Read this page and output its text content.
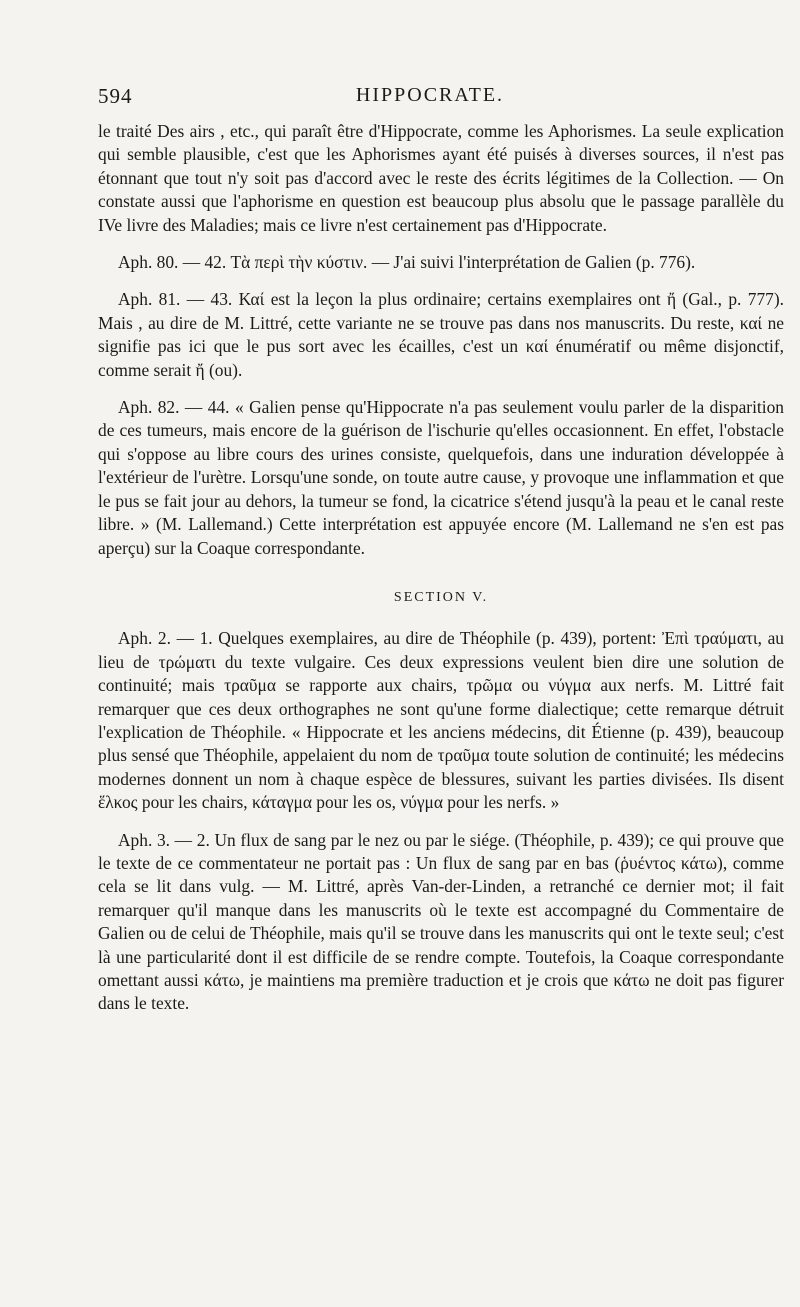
594	HIPPOCRATE.

le traité Des airs , etc., qui paraît être d'Hippocrate, comme les Aphorismes. La seule explication qui semble plausible, c'est que les Aphorismes ayant été puisés à diverses sources, il n'est pas étonnant que tout n'y soit pas d'accord avec le reste des écrits légitimes de la Collection. — On constate aussi que l'aphorisme en question est beaucoup plus absolu que le passage parallèle du IVe livre des Maladies; mais ce livre n'est certainement pas d'Hippocrate.

Aph. 80. — 42. Τὰ περὶ τὴν κύστιν. — J'ai suivi l'interprétation de Galien (p. 776).

Aph. 81. — 43. Καί est la leçon la plus ordinaire; certains exemplaires ont ἤ (Gal., p. 777). Mais , au dire de M. Littré, cette variante ne se trouve pas dans nos manuscrits. Du reste, καί ne signifie pas ici que le pus sort avec les écailles, c'est un καί énumératif ou même disjonctif, comme serait ἤ (ou).

Aph. 82. — 44. « Galien pense qu'Hippocrate n'a pas seulement voulu parler de la disparition de ces tumeurs, mais encore de la guérison de l'ischurie qu'elles occasionnent. En effet, l'obstacle qui s'oppose au libre cours des urines consiste, quelquefois, dans une induration développée à l'extérieur de l'urètre. Lorsqu'une sonde, on toute autre cause, y provoque une inflammation et que le pus se fait jour au dehors, la tumeur se fond, la cicatrice s'étend jusqu'à la peau et le canal reste libre. » (M. Lallemand.) Cette interprétation est appuyée encore (M. Lallemand ne s'en est pas aperçu) sur la Coaque correspondante.

SECTION V.

Aph. 2. — 1. Quelques exemplaires, au dire de Théophile (p. 439), portent: Ἐπὶ τραύματι, au lieu de τρώματι du texte vulgaire. Ces deux expressions veulent bien dire une solution de continuité; mais τραῦμα se rapporte aux chairs, τρῶμα ou νύγμα aux nerfs. M. Littré fait remarquer que ces deux orthographes ne sont qu'une forme dialectique; cette remarque détruit l'explication de Théophile. « Hippocrate et les anciens médecins, dit Étienne (p. 439), beaucoup plus sensé que Théophile, appelaient du nom de τραῦμα toute solution de continuité; les médecins modernes donnent un nom à chaque espèce de blessures, suivant les parties divisées. Ils disent ἕλκος pour les chairs, κάταγμα pour les os, νύγμα pour les nerfs. »

Aph. 3. — 2. Un flux de sang par le nez ou par le siége. (Théophile, p. 439); ce qui prouve que le texte de ce commentateur ne portait pas : Un flux de sang par en bas (ῥυέντος κάτω), comme cela se lit dans vulg. — M. Littré, après Van-der-Linden, a retranché ce dernier mot; il fait remarquer qu'il manque dans les manuscrits où le texte est accompagné du Commentaire de Galien ou de celui de Théophile, mais qu'il se trouve dans les manuscrits qui ont le texte seul; c'est là une particularité dont il est difficile de se rendre compte. Toutefois, la Coaque correspondante omettant aussi κάτω, je maintiens ma première traduction et je crois que κάτω ne doit pas figurer dans le texte.
